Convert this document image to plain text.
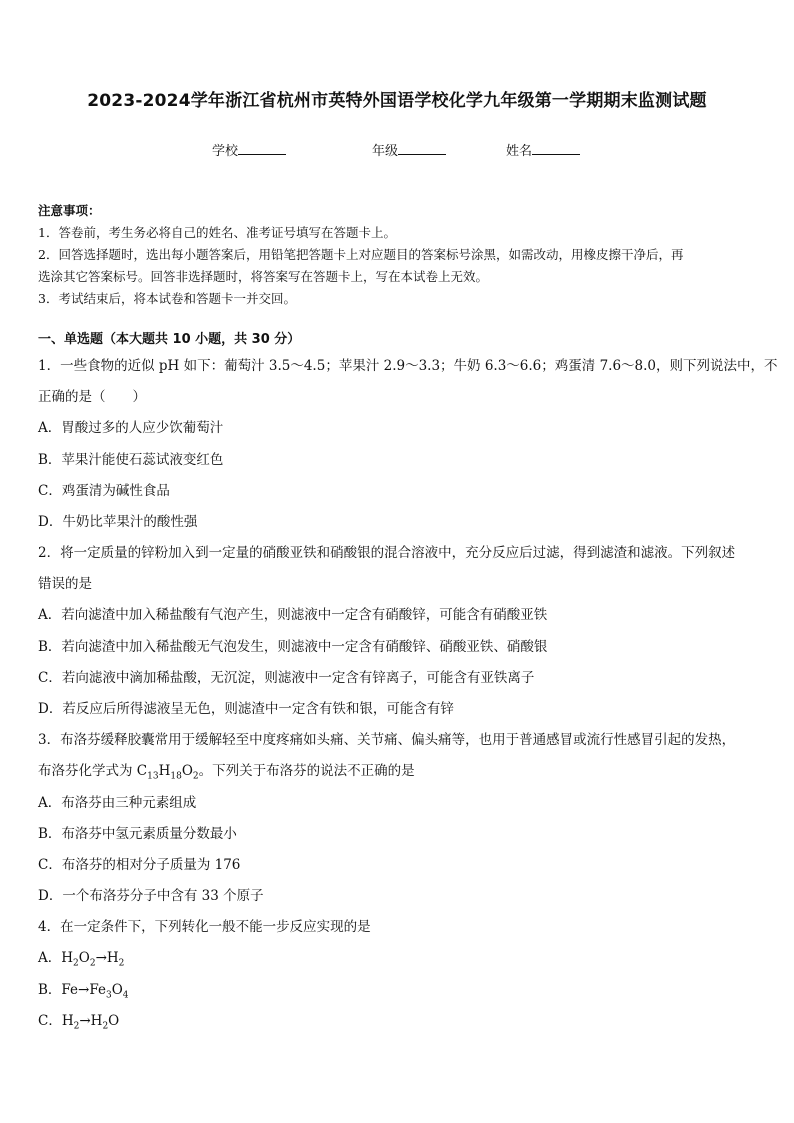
2023-2024学年浙江省杭州市英特外国语学校化学九年级第一学期期末监测试题
学校	年级	姓名
注意事项：
1．答卷前，考生务必将自己的姓名、准考证号填写在答题卡上。
2．回答选择题时，选出每小题答案后，用铅笔把答题卡上对应题目的答案标号涂黑，如需改动，用橡皮擦干净后，再
选涂其它答案标号。回答非选择题时，将答案写在答题卡上，写在本试卷上无效。
3．考试结束后，将本试卷和答题卡一并交回。
一、单选题（本大题共 10 小题，共 30 分）
1．一些食物的近似 pH 如下：葡萄汁 3.5～4.5；苹果汁 2.9～3.3；牛奶 6.3～6.6；鸡蛋清 7.6～8.0，则下列说法中，不
正确的是（　　）
A．胃酸过多的人应少饮葡萄汁
B．苹果汁能使石蕊试液变红色
C．鸡蛋清为碱性食品
D．牛奶比苹果汁的酸性强
2．将一定质量的锌粉加入到一定量的硝酸亚铁和硝酸银的混合溶液中，充分反应后过滤，得到滤渣和滤液。下列叙述
错误的是
A．若向滤渣中加入稀盐酸有气泡产生，则滤液中一定含有硝酸锌，可能含有硝酸亚铁
B．若向滤渣中加入稀盐酸无气泡发生，则滤液中一定含有硝酸锌、硝酸亚铁、硝酸银
C．若向滤液中滴加稀盐酸，无沉淀，则滤液中一定含有锌离子，可能含有亚铁离子
D．若反应后所得滤液呈无色，则滤渣中一定含有铁和银，可能含有锌
3．布洛芬缓释胶囊常用于缓解轻至中度疼痛如头痛、关节痛、偏头痛等，也用于普通感冒或流行性感冒引起的发热，
布洛芬化学式为 $C_{13}H_{18}O_2$。下列关于布洛芬的说法不正确的是
A．布洛芬由三种元素组成
B．布洛芬中氢元素质量分数最小
C．布洛芬的相对分子质量为 176
D．一个布洛芬分子中含有 33 个原子
4．在一定条件下，下列转化一般不能一步反应实现的是
A．$H_2O_2\to H_2$
B．$Fe\to Fe_3O_4$
C．$H_2\to H_2O$
